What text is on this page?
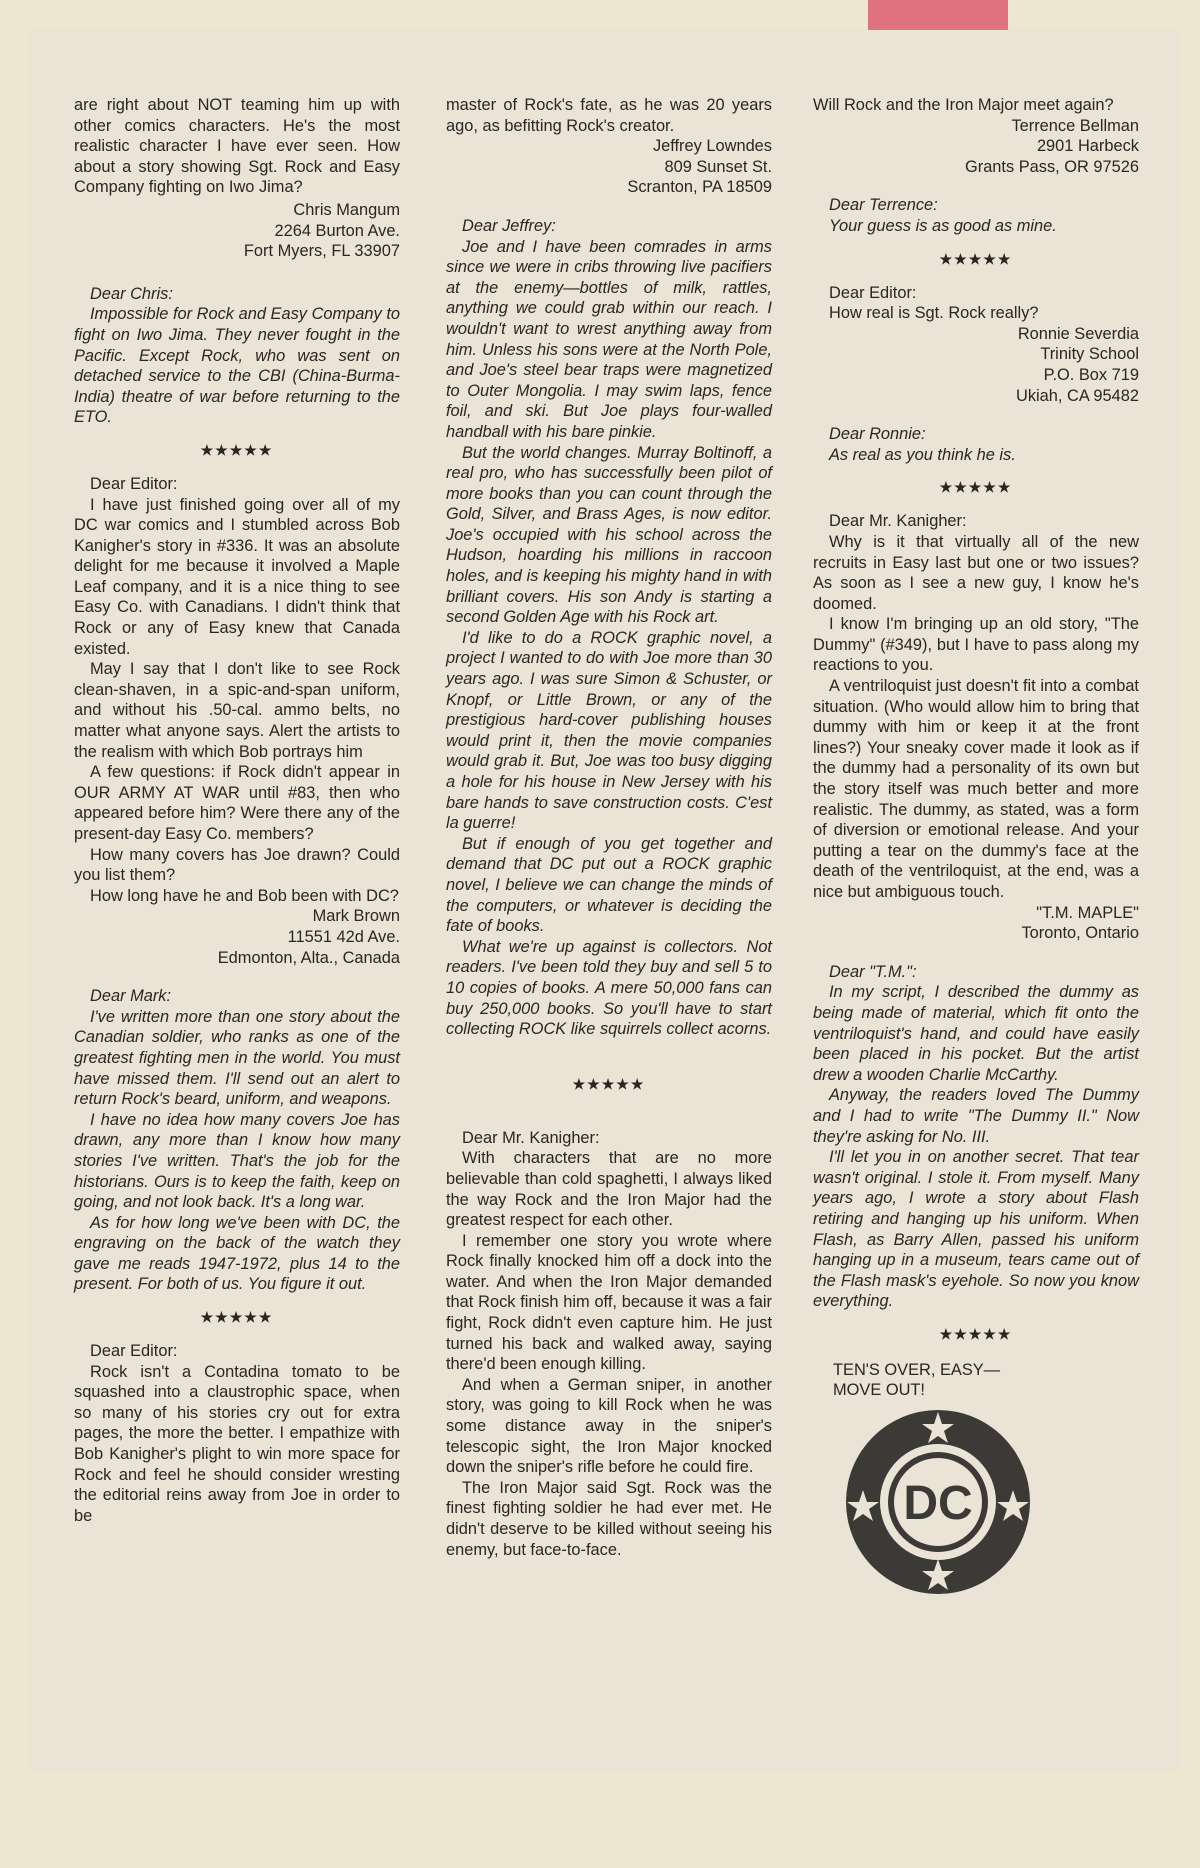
are right about NOT teaming him up with other comics characters. He's the most realistic character I have ever seen. How about a story showing Sgt. Rock and Easy Company fighting on Iwo Jima?

Chris Mangum
2264 Burton Ave.
Fort Myers, FL 33907

Dear Chris:

Impossible for Rock and Easy Company to fight on Iwo Jima. They never fought in the Pacific. Except Rock, who was sent on detached service to the CBI (China-Burma-India) theatre of war before returning to the ETO.

★★★★★

Dear Editor:

I have just finished going over all of my DC war comics and I stumbled across Bob Kanigher's story in #336. It was an absolute delight for me because it involved a Maple Leaf company, and it is a nice thing to see Easy Co. with Canadians. I didn't think that Rock or any of Easy knew that Canada existed.

May I say that I don't like to see Rock clean-shaven, in a spic-and-span uniform, and without his .50-cal. ammo belts, no matter what anyone says. Alert the artists to the realism with which Bob portrays him

A few questions: if Rock didn't appear in OUR ARMY AT WAR until #83, then who appeared before him? Were there any of the present-day Easy Co. members?

How many covers has Joe drawn? Could you list them?

How long have he and Bob been with DC?

Mark Brown
11551 42d Ave.
Edmonton, Alta., Canada

Dear Mark:

I've written more than one story about the Canadian soldier, who ranks as one of the greatest fighting men in the world. You must have missed them. I'll send out an alert to return Rock's beard, uniform, and weapons.

I have no idea how many covers Joe has drawn, any more than I know how many stories I've written. That's the job for the historians. Ours is to keep the faith, keep on going, and not look back. It's a long war.

As for how long we've been with DC, the engraving on the back of the watch they gave me reads 1947-1972, plus 14 to the present. For both of us. You figure it out.

★★★★★

Dear Editor:

Rock isn't a Contadina tomato to be squashed into a claustrophic space, when so many of his stories cry out for extra pages, the more the better. I empathize with Bob Kanigher's plight to win more space for Rock and feel he should consider wresting the editorial reins away from Joe in order to be

master of Rock's fate, as he was 20 years ago, as befitting Rock's creator.

Jeffrey Lowndes
809 Sunset St.
Scranton, PA 18509

Dear Jeffrey:

Joe and I have been comrades in arms since we were in cribs throwing live pacifiers at the enemy—bottles of milk, rattles, anything we could grab within our reach. I wouldn't want to wrest anything away from him. Unless his sons were at the North Pole, and Joe's steel bear traps were magnetized to Outer Mongolia. I may swim laps, fence foil, and ski. But Joe plays four-walled handball with his bare pinkie.

But the world changes. Murray Boltinoff, a real pro, who has successfully been pilot of more books than you can count through the Gold, Silver, and Brass Ages, is now editor. Joe's occupied with his school across the Hudson, hoarding his millions in raccoon holes, and is keeping his mighty hand in with brilliant covers. His son Andy is starting a second Golden Age with his Rock art.

I'd like to do a ROCK graphic novel, a project I wanted to do with Joe more than 30 years ago. I was sure Simon & Schuster, or Knopf, or Little Brown, or any of the prestigious hard-cover publishing houses would print it, then the movie companies would grab it. But, Joe was too busy digging a hole for his house in New Jersey with his bare hands to save construction costs. C'est la guerre!

But if enough of you get together and demand that DC put out a ROCK graphic novel, I believe we can change the minds of the computers, or whatever is deciding the fate of books.

What we're up against is collectors. Not readers. I've been told they buy and sell 5 to 10 copies of books. A mere 50,000 fans can buy 250,000 books. So you'll have to start collecting ROCK like squirrels collect acorns.

★★★★★

Dear Mr. Kanigher:

With characters that are no more believable than cold spaghetti, I always liked the way Rock and the Iron Major had the greatest respect for each other.

I remember one story you wrote where Rock finally knocked him off a dock into the water. And when the Iron Major demanded that Rock finish him off, because it was a fair fight, Rock didn't even capture him. He just turned his back and walked away, saying there'd been enough killing.

And when a German sniper, in another story, was going to kill Rock when he was some distance away in the sniper's telescopic sight, the Iron Major knocked down the sniper's rifle before he could fire.

The Iron Major said Sgt. Rock was the finest fighting soldier he had ever met. He didn't deserve to be killed without seeing his enemy, but face-to-face.

Will Rock and the Iron Major meet again?

Terrence Bellman
2901 Harbeck
Grants Pass, OR 97526

Dear Terrence:

Your guess is as good as mine.

★★★★★

Dear Editor:

How real is Sgt. Rock really?

Ronnie Severdia
Trinity School
P.O. Box 719
Ukiah, CA 95482

Dear Ronnie:

As real as you think he is.

★★★★★

Dear Mr. Kanigher:

Why is it that virtually all of the new recruits in Easy last but one or two issues? As soon as I see a new guy, I know he's doomed.

I know I'm bringing up an old story, "The Dummy" (#349), but I have to pass along my reactions to you.

A ventriloquist just doesn't fit into a combat situation. (Who would allow him to bring that dummy with him or keep it at the front lines?) Your sneaky cover made it look as if the dummy had a personality of its own but the story itself was much better and more realistic. The dummy, as stated, was a form of diversion or emotional release. And your putting a tear on the dummy's face at the death of the ventriloquist, at the end, was a nice but ambiguous touch.

"T.M. MAPLE"
Toronto, Ontario

Dear "T.M.":

In my script, I described the dummy as being made of material, which fit onto the ventriloquist's hand, and could have easily been placed in his pocket. But the artist drew a wooden Charlie McCarthy.

Anyway, the readers loved The Dummy and I had to write "The Dummy II." Now they're asking for No. III.

I'll let you in on another secret. That tear wasn't original. I stole it. From myself. Many years ago, I wrote a story about Flash retiring and hanging up his uniform. When Flash, as Barry Allen, passed his uniform hanging up in a museum, tears came out of the Flash mask's eyehole. So now you know everything.

★★★★★
TEN'S OVER, EASY—
MOVE OUT!
DC
